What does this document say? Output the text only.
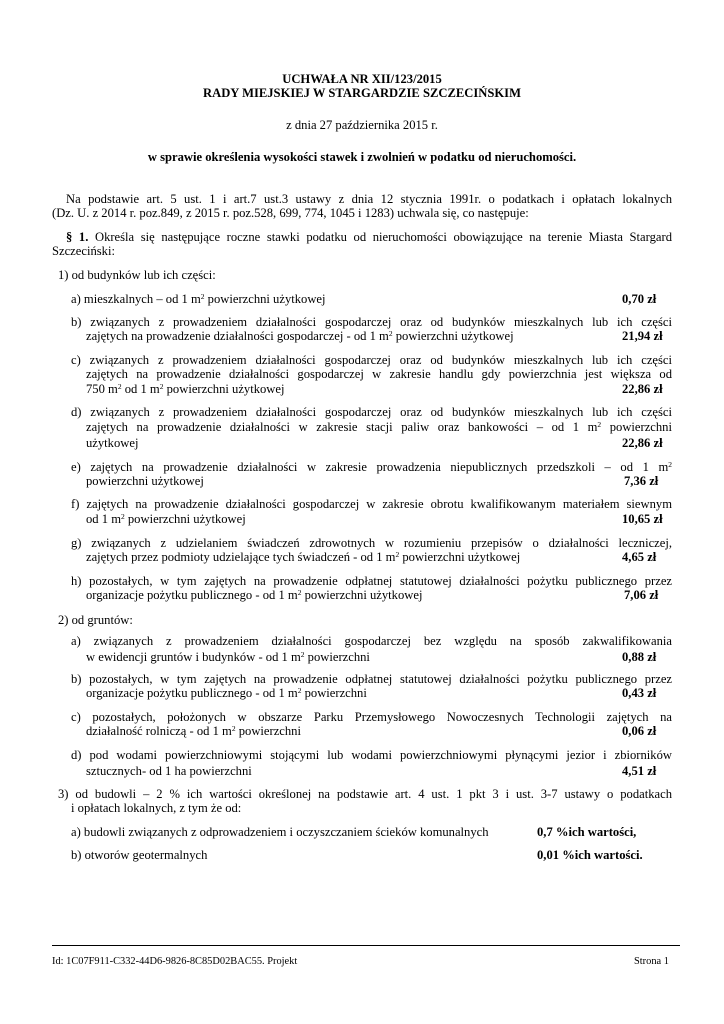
UCHWAŁA NR XII/123/2015
RADY MIEJSKIEJ W STARGARDZIE SZCZECIŃSKIM
z dnia 27 października 2015 r.
w sprawie określenia wysokości stawek i zwolnień w podatku od nieruchomości.
Na podstawie art. 5 ust. 1 i art.7 ust.3 ustawy z dnia 12 stycznia 1991r. o podatkach i opłatach lokalnych
(Dz. U. z 2014 r. poz.849, z 2015 r. poz.528, 699, 774, 1045 i 1283) uchwala się, co następuje:
§ 1. Określa się następujące roczne stawki podatku od nieruchomości obowiązujące na terenie Miasta Stargard
Szczeciński:
1) od budynków lub ich części:
a) mieszkalnych – od 1 $m^2$ powierzchni użytkowej	0,70 zł
b) związanych z prowadzeniem działalności gospodarczej oraz od budynków mieszkalnych lub ich części
zajętych na prowadzenie działalności gospodarczej - od 1 $m^2$ powierzchni użytkowej	21,94 zł
c) związanych z prowadzeniem działalności gospodarczej oraz od budynków mieszkalnych lub ich części
zajętych na prowadzenie działalności gospodarczej w zakresie handlu gdy powierzchnia jest większa od
750 $m^2$ od 1 $m^2$ powierzchni użytkowej	22,86 zł
d) związanych z prowadzeniem działalności gospodarczej oraz od budynków mieszkalnych lub ich części
zajętych na prowadzenie działalności w zakresie stacji paliw oraz bankowości – od 1 $m^2$ powierzchni
użytkowej	22,86 zł
e) zajętych na prowadzenie działalności w zakresie prowadzenia niepublicznych przedszkoli – od 1 $m^2$
powierzchni użytkowej	7,36 zł
f) zajętych na prowadzenie działalności gospodarczej w zakresie obrotu kwalifikowanym materiałem siewnym
od 1 $m^2$ powierzchni użytkowej	10,65 zł
g) związanych z udzielaniem świadczeń zdrowotnych w rozumieniu przepisów o działalności leczniczej,
zajętych przez podmioty udzielające tych świadczeń - od 1 $m^2$ powierzchni użytkowej	4,65 zł
h) pozostałych, w tym zajętych na prowadzenie odpłatnej statutowej działalności pożytku publicznego przez
organizacje pożytku publicznego - od 1 $m^2$ powierzchni użytkowej	7,06 zł
2) od gruntów:
a) związanych z prowadzeniem działalności gospodarczej bez względu na sposób zakwalifikowania
w ewidencji gruntów i budynków - od 1 $m^2$ powierzchni	0,88 zł
b) pozostałych, w tym zajętych na prowadzenie odpłatnej statutowej działalności pożytku publicznego przez
organizacje pożytku publicznego - od 1 $m^2$ powierzchni	0,43 zł
c) pozostałych, położonych w obszarze Parku Przemysłowego Nowoczesnych Technologii zajętych na
działalność rolniczą - od 1 $m^2$ powierzchni	0,06 zł
d) pod wodami powierzchniowymi stojącymi lub wodami powierzchniowymi płynącymi jezior i zbiorników
sztucznych- od 1 ha powierzchni	4,51 zł
3) od budowli – 2 % ich wartości określonej na podstawie art. 4 ust. 1 pkt 3 i ust. 3-7 ustawy o podatkach
i opłatach lokalnych, z tym że od:
a) budowli związanych z odprowadzeniem i oczyszczaniem ścieków komunalnych	0,7 %ich wartości,
b) otworów geotermalnych	0,01 %ich wartości.
Id: 1C07F911-C332-44D6-9826-8C85D02BAC55. Projekt	Strona 1
